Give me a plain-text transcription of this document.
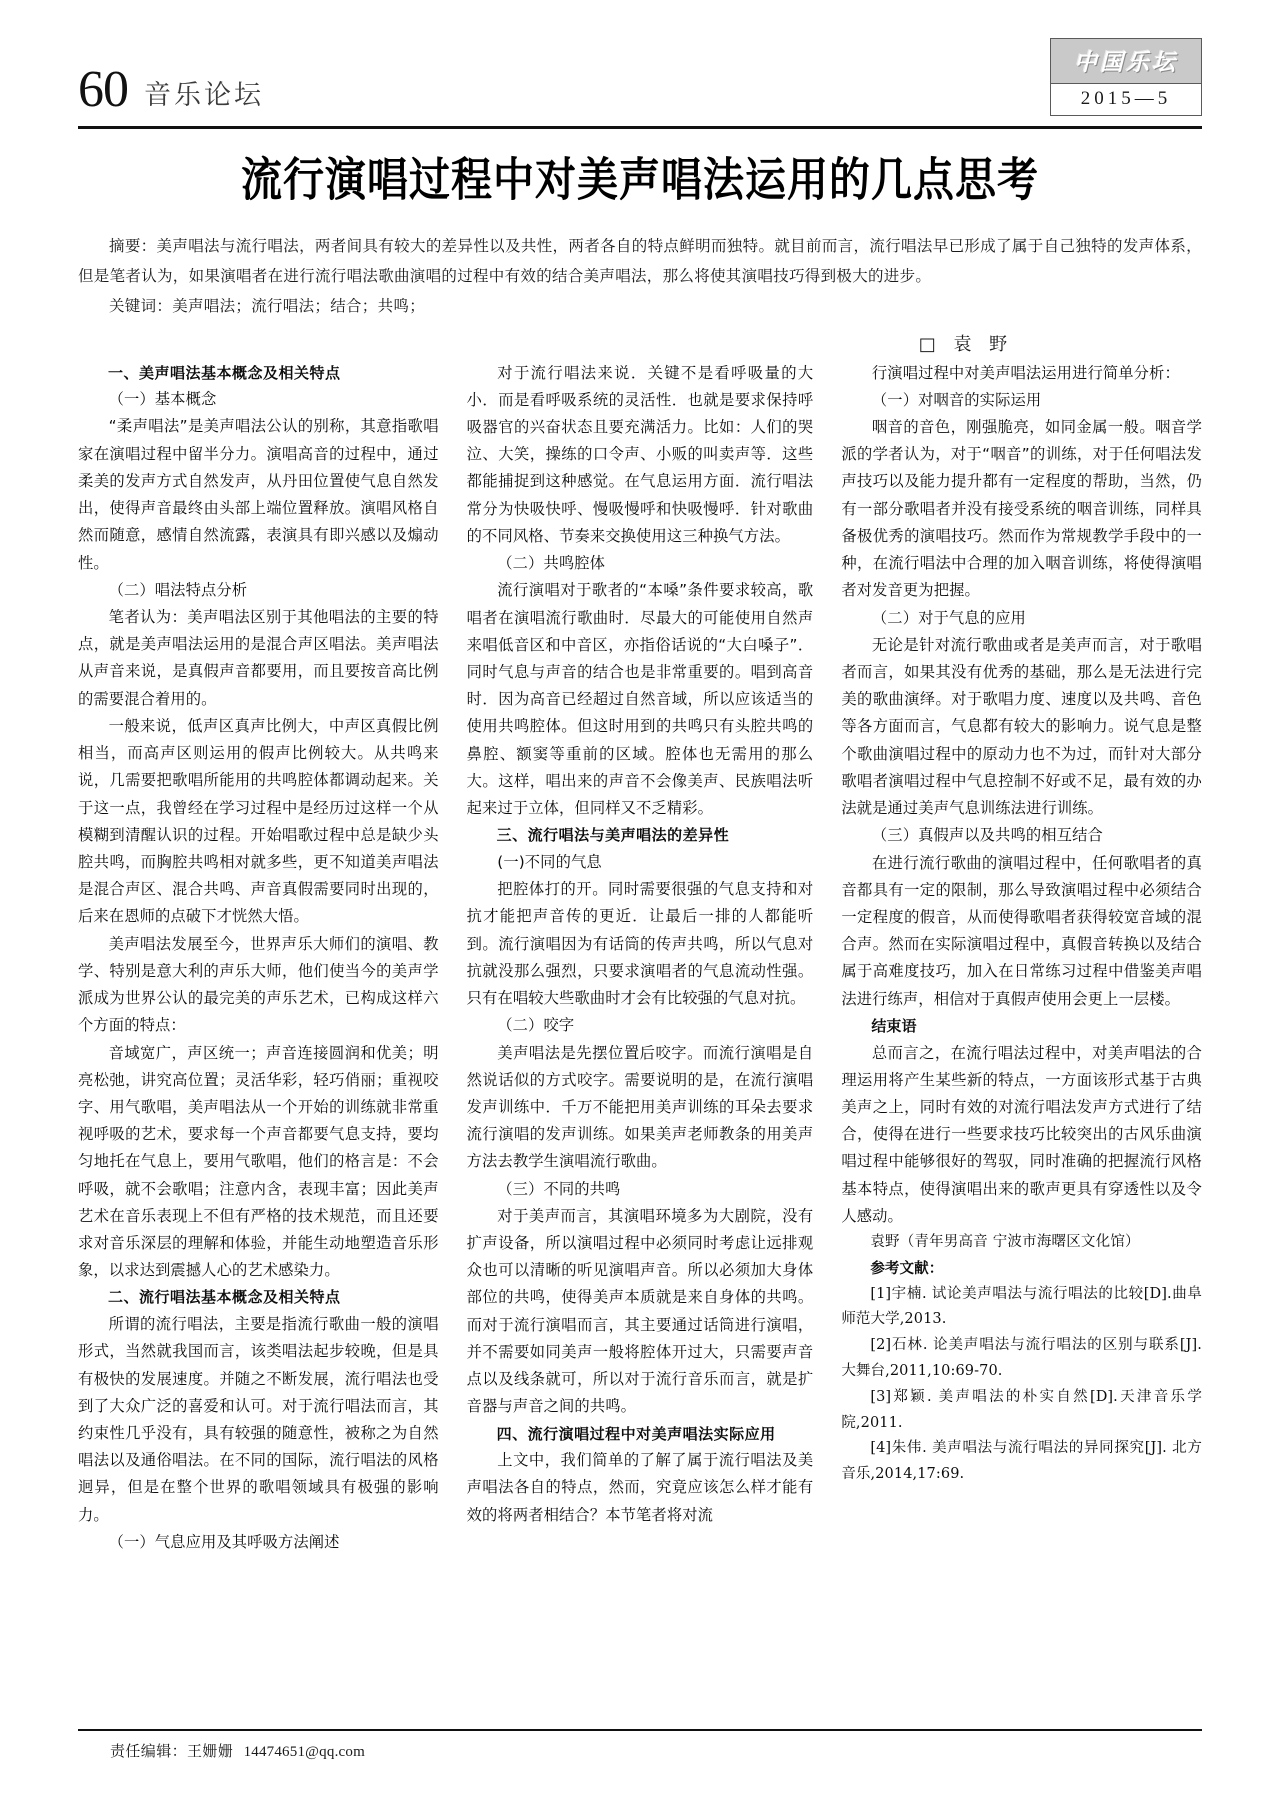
60 音乐论坛
中国乐坛
2015—5
流行演唱过程中对美声唱法运用的几点思考
摘要：美声唱法与流行唱法，两者间具有较大的差异性以及共性，两者各自的特点鲜明而独特。就目前而言，流行唱法早已形成了属于自己独特的发声体系，但是笔者认为，如果演唱者在进行流行唱法歌曲演唱的过程中有效的结合美声唱法，那么将使其演唱技巧得到极大的进步。
关键词：美声唱法；流行唱法；结合；共鸣；
□ 袁 野

一、美声唱法基本概念及相关特点

（一）基本概念

“柔声唱法”是美声唱法公认的别称，其意指歌唱家在演唱过程中留半分力。演唱高音的过程中，通过柔美的发声方式自然发声，从丹田位置使气息自然发出，使得声音最终由头部上端位置释放。演唱风格自然而随意，感情自然流露，表演具有即兴感以及煽动性。

（二）唱法特点分析

笔者认为：美声唱法区别于其他唱法的主要的特点，就是美声唱法运用的是混合声区唱法。美声唱法从声音来说，是真假声音都要用，而且要按音高比例的需要混合着用的。

一般来说，低声区真声比例大，中声区真假比例相当，而高声区则运用的假声比例较大。从共鸣来说，几需要把歌唱所能用的共鸣腔体都调动起来。关于这一点，我曾经在学习过程中是经历过这样一个从模糊到清醒认识的过程。开始唱歌过程中总是缺少头腔共鸣，而胸腔共鸣相对就多些，更不知道美声唱法是混合声区、混合共鸣、声音真假需要同时出现的，后来在恩师的点破下才恍然大悟。

美声唱法发展至今，世界声乐大师们的演唱、教学、特别是意大利的声乐大师，他们使当今的美声学派成为世界公认的最完美的声乐艺术，已构成这样六个方面的特点：

音域宽广，声区统一；声音连接圆润和优美；明亮松弛，讲究高位置；灵活华彩，轻巧俏丽；重视咬字、用气歌唱，美声唱法从一个开始的训练就非常重视呼吸的艺术，要求每一个声音都要气息支持，要均匀地托在气息上，要用气歌唱，他们的格言是：不会呼吸，就不会歌唱；注意内含，表现丰富；因此美声艺术在音乐表现上不但有严格的技术规范，而且还要求对音乐深层的理解和体验，并能生动地塑造音乐形象，以求达到震撼人心的艺术感染力。

二、流行唱法基本概念及相关特点

所谓的流行唱法，主要是指流行歌曲一般的演唱形式，当然就我国而言，该类唱法起步较晚，但是具有极快的发展速度。并随之不断发展，流行唱法也受到了大众广泛的喜爱和认可。对于流行唱法而言，其约束性几乎没有，具有较强的随意性，被称之为自然唱法以及通俗唱法。在不同的国际，流行唱法的风格迥异，但是在整个世界的歌唱领域具有极强的影响力。

（一）气息应用及其呼吸方法阐述

对于流行唱法来说．关键不是看呼吸量的大小．而是看呼吸系统的灵活性．也就是要求保持呼吸器官的兴奋状态且要充满活力。比如：人们的哭泣、大笑，操练的口令声、小贩的叫卖声等．这些都能捕捉到这种感觉。在气息运用方面．流行唱法常分为快吸快呼、慢吸慢呼和快吸慢呼．针对歌曲的不同风格、节奏来交换使用这三种换气方法。

（二）共鸣腔体

流行演唱对于歌者的“本嗓”条件要求较高，歌唱者在演唱流行歌曲时．尽最大的可能使用自然声来唱低音区和中音区，亦指俗话说的“大白嗓子”．同时气息与声音的结合也是非常重要的。唱到高音时．因为高音已经超过自然音域，所以应该适当的使用共鸣腔体。但这时用到的共鸣只有头腔共鸣的鼻腔、额窦等重前的区域。腔体也无需用的那么大。这样，唱出来的声音不会像美声、民族唱法听起来过于立体，但同样又不乏精彩。

三、流行唱法与美声唱法的差异性

(一)不同的气息

把腔体打的开。同时需要很强的气息支持和对抗才能把声音传的更近．让最后一排的人都能听到。流行演唱因为有话筒的传声共鸣，所以气息对抗就没那么强烈，只要求演唱者的气息流动性强。只有在唱较大些歌曲时才会有比较强的气息对抗。

（二）咬字

美声唱法是先摆位置后咬字。而流行演唱是自然说话似的方式咬字。需要说明的是，在流行演唱发声训练中．千万不能把用美声训练的耳朵去要求流行演唱的发声训练。如果美声老师教条的用美声方法去教学生演唱流行歌曲。

（三）不同的共鸣

对于美声而言，其演唱环境多为大剧院，没有扩声设备，所以演唱过程中必须同时考虑让远排观众也可以清晰的听见演唱声音。所以必须加大身体部位的共鸣，使得美声本质就是来自身体的共鸣。而对于流行演唱而言，其主要通过话筒进行演唱，并不需要如同美声一般将腔体开过大，只需要声音点以及线条就可，所以对于流行音乐而言，就是扩音器与声音之间的共鸣。

四、流行演唱过程中对美声唱法实际应用

上文中，我们简单的了解了属于流行唱法及美声唱法各自的特点，然而，究竟应该怎么样才能有效的将两者相结合？本节笔者将对流

行演唱过程中对美声唱法运用进行简单分析：

（一）对咽音的实际运用

咽音的音色，刚强脆亮，如同金属一般。咽音学派的学者认为，对于“咽音”的训练，对于任何唱法发声技巧以及能力提升都有一定程度的帮助，当然，仍有一部分歌唱者并没有接受系统的咽音训练，同样具备极优秀的演唱技巧。然而作为常规教学手段中的一种，在流行唱法中合理的加入咽音训练，将使得演唱者对发音更为把握。

（二）对于气息的应用

无论是针对流行歌曲或者是美声而言，对于歌唱者而言，如果其没有优秀的基础，那么是无法进行完美的歌曲演绎。对于歌唱力度、速度以及共鸣、音色等各方面而言，气息都有较大的影响力。说气息是整个歌曲演唱过程中的原动力也不为过，而针对大部分歌唱者演唱过程中气息控制不好或不足，最有效的办法就是通过美声气息训练法进行训练。

（三）真假声以及共鸣的相互结合

在进行流行歌曲的演唱过程中，任何歌唱者的真音都具有一定的限制，那么导致演唱过程中必须结合一定程度的假音，从而使得歌唱者获得较宽音域的混合声。然而在实际演唱过程中，真假音转换以及结合属于高难度技巧，加入在日常练习过程中借鉴美声唱法进行练声，相信对于真假声使用会更上一层楼。

结束语

总而言之，在流行唱法过程中，对美声唱法的合理运用将产生某些新的特点，一方面该形式基于古典美声之上，同时有效的对流行唱法发声方式进行了结合，使得在进行一些要求技巧比较突出的古风乐曲演唱过程中能够很好的驾驭，同时准确的把握流行风格基本特点，使得演唱出来的歌声更具有穿透性以及令人感动。

袁野（青年男高音 宁波市海曙区文化馆）

参考文献：

[1]宇楠. 试论美声唱法与流行唱法的比较[D].曲阜师范大学,2013.

[2]石林. 论美声唱法与流行唱法的区别与联系[J]. 大舞台,2011,10:69-70.

[3]郑颖. 美声唱法的朴实自然[D].天津音乐学院,2011.

[4]朱伟. 美声唱法与流行唱法的异同探究[J]. 北方音乐,2014,17:69.

责任编辑：王姗姗 14474651@qq.com
